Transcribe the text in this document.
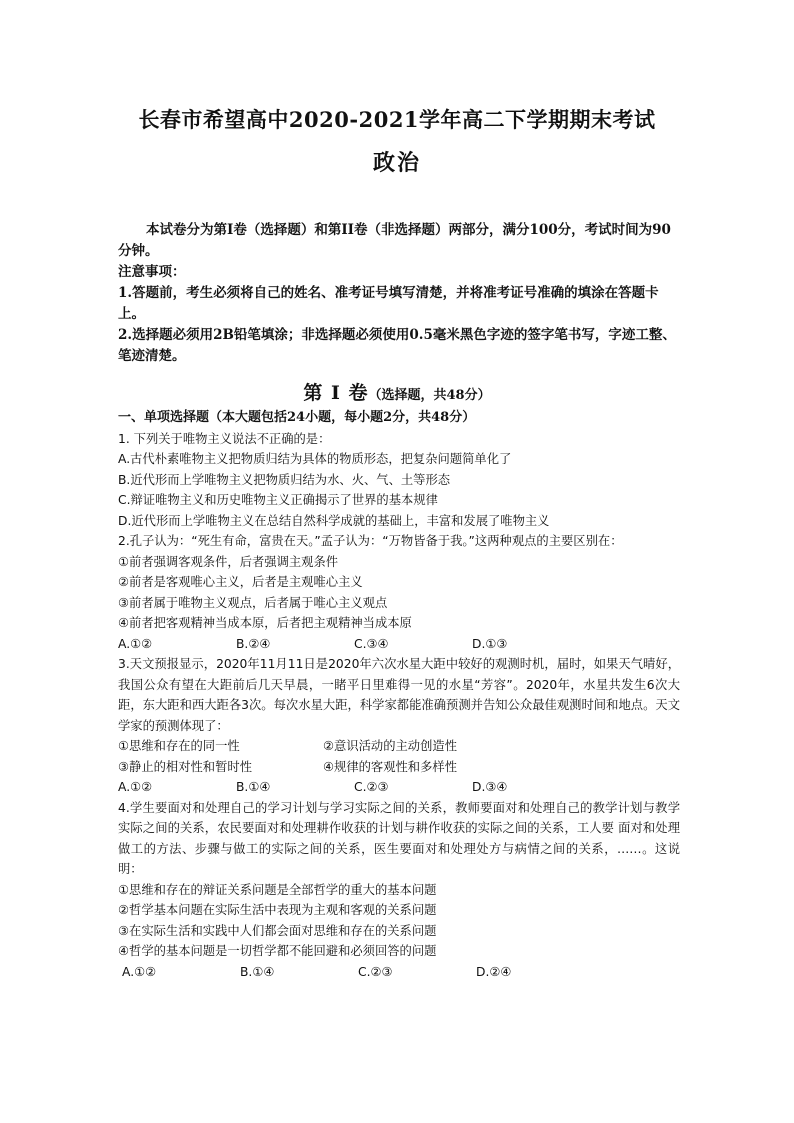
长春市希望高中2020-2021学年高二下学期期末考试
政治

本试卷分为第I卷（选择题）和第II卷（非选择题）两部分，满分100分，考试时间为90分钟。

注意事项：

1.答题前，考生必须将自己的姓名、准考证号填写清楚，并将准考证号准确的填涂在答题卡上。

2.选择题必须用2B铅笔填涂；非选择题必须使用0.5毫米黑色字迹的签字笔书写，字迹工整、笔迹清楚。

第 I 卷（选择题，共48分）

一、单项选择题（本大题包括24小题，每小题2分，共48分）

1. 下列关于唯物主义说法不正确的是：

A.古代朴素唯物主义把物质归结为具体的物质形态，把复杂问题简单化了

B.近代形而上学唯物主义把物质归结为水、火、气、土等形态

C.辩证唯物主义和历史唯物主义正确揭示了世界的基本规律

D.近代形而上学唯物主义在总结自然科学成就的基础上，丰富和发展了唯物主义

2.孔子认为：“死生有命，富贵在天。”孟子认为：“万物皆备于我。”这两种观点的主要区别在：

①前者强调客观条件，后者强调主观条件

②前者是客观唯心主义，后者是主观唯心主义

③前者属于唯物主义观点，后者属于唯心主义观点

④前者把客观精神当成本原，后者把主观精神当成本原

A.①②	B.②④	C.③④	D.①③

3.天文预报显示，2020年11月11日是2020年六次水星大距中较好的观测时机，届时，如果天气晴好，我国公众有望在大距前后几天早晨，一睹平日里难得一见的水星“芳容”。2020年，水星共发生6次大距，东大距和西大距各3次。每次水星大距，科学家都能准确预测并告知公众最佳观测时间和地点。天文学家的预测体现了：

①思维和存在的同一性	②意识活动的主动创造性

③静止的相对性和暂时性	④规律的客观性和多样性

A.①②	B.①④	C.②③	D.③④

4.学生要面对和处理自己的学习计划与学习实际之间的关系，教师要面对和处理自己的教学计划与教学实际之间的关系，农民要面对和处理耕作收获的计划与耕作收获的实际之间的关系，工人要 面对和处理做工的方法、步骤与做工的实际之间的关系，医生要面对和处理处方与病情之间的关系，……。这说明：

①思维和存在的辩证关系问题是全部哲学的重大的基本问题

②哲学基本问题在实际生活中表现为主观和客观的关系问题

③在实际生活和实践中人们都会面对思维和存在的关系问题

④哲学的基本问题是一切哲学都不能回避和必须回答的问题

A.①②	B.①④	C.②③	D.②④
